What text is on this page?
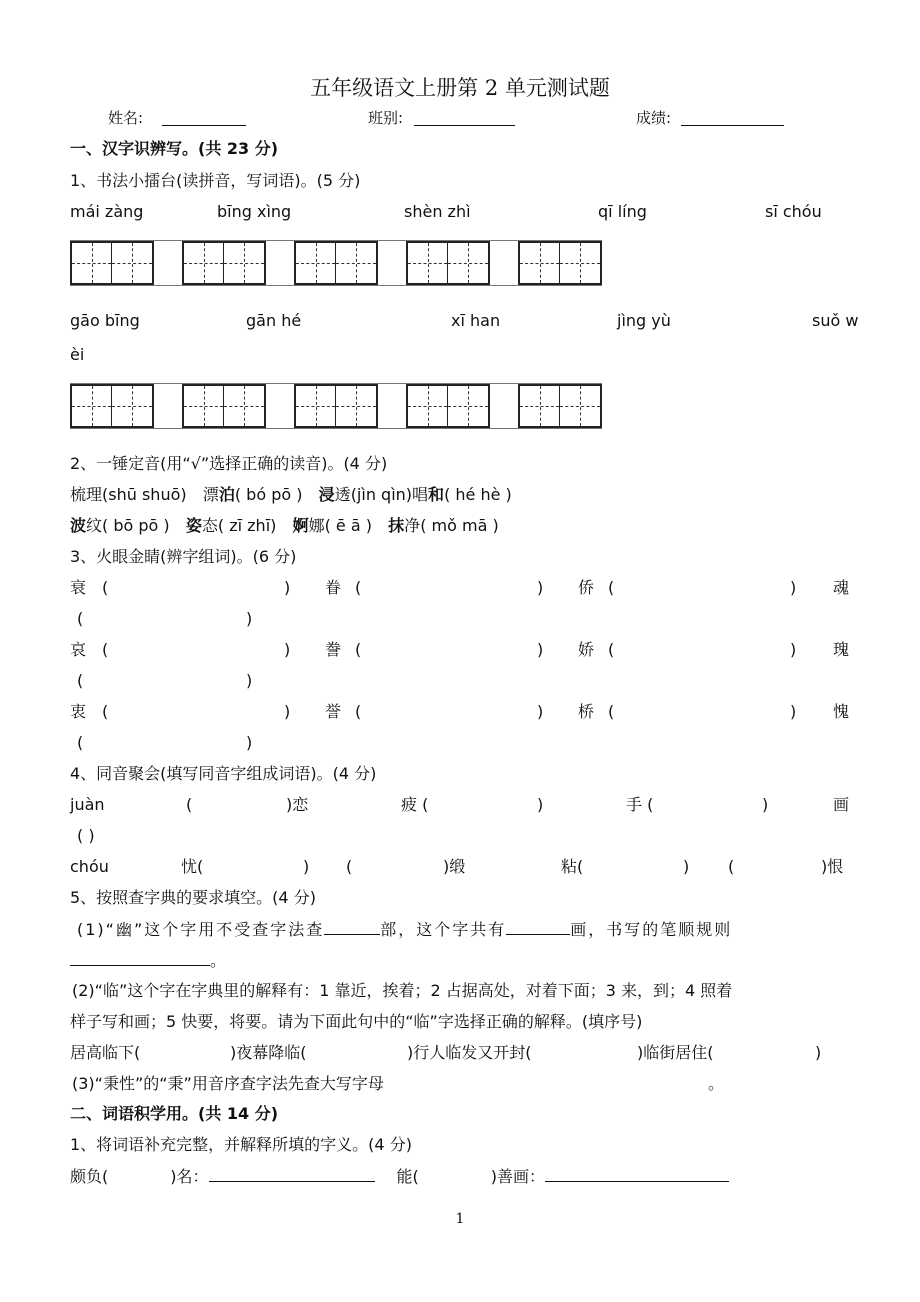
五年级语文上册第 2 单元测试题
姓名:	班别:	成绩:
一、汉字识辨写。(共 23 分)
1、书法小擂台(读拼音，写词语)。(5 分)
mái zàng	bīng xìng	shèn zhì	qī líng	sī chóu
gāo bīng	gān hé	xī han	jìng yù	suǒ w
èi
2、一锤定音(用“√”选择正确的读音)。(4 分)
梳理(shū shuō) 漂泊( bó pō ) 浸透(jìn qìn)唱和( hé hè )
波纹( bō pō ) 姿态( zī zhī) 婀娜( ē ā ) 抹净( mǒ mā )
3、火眼金睛(辨字组词)。(6 分)
衰 (	) 眷 (	) 侨 (	) 魂
(	)
哀 (	) 誊 (	) 娇 (	) 瑰
(	)
衷 (	) 誉 (	) 桥 (	) 愧
(	)
4、同音聚会(填写同音字组成词语)。(4 分)
juàn	(	)恋	疲 (	)	手 (	)	画
( )
chóu	忧(	) (	)缎	粘(	) (	)恨
5、按照查字典的要求填空。(4 分)
(1)“幽”这个字用不受查字法查	部，这个字共有	画，书写的笔顺规则
。
(2)“临”这个字在字典里的解释有：1 靠近，挨着；2 占据高处，对着下面；3 来，到；4 照着
样子写和画；5 快要，将要。请为下面此句中的“临”字选择正确的解释。(填序号)
居高临下(	)夜幕降临(	)行人临发又开封(	)临街居住(	)
(3)“秉性”的“秉”用音序查字法先查大写字母	。
二、词语积学用。(共 14 分)
1、将词语补充完整，并解释所填的字义。(4 分)
颇负(	)名：	能(	)善画：
1
